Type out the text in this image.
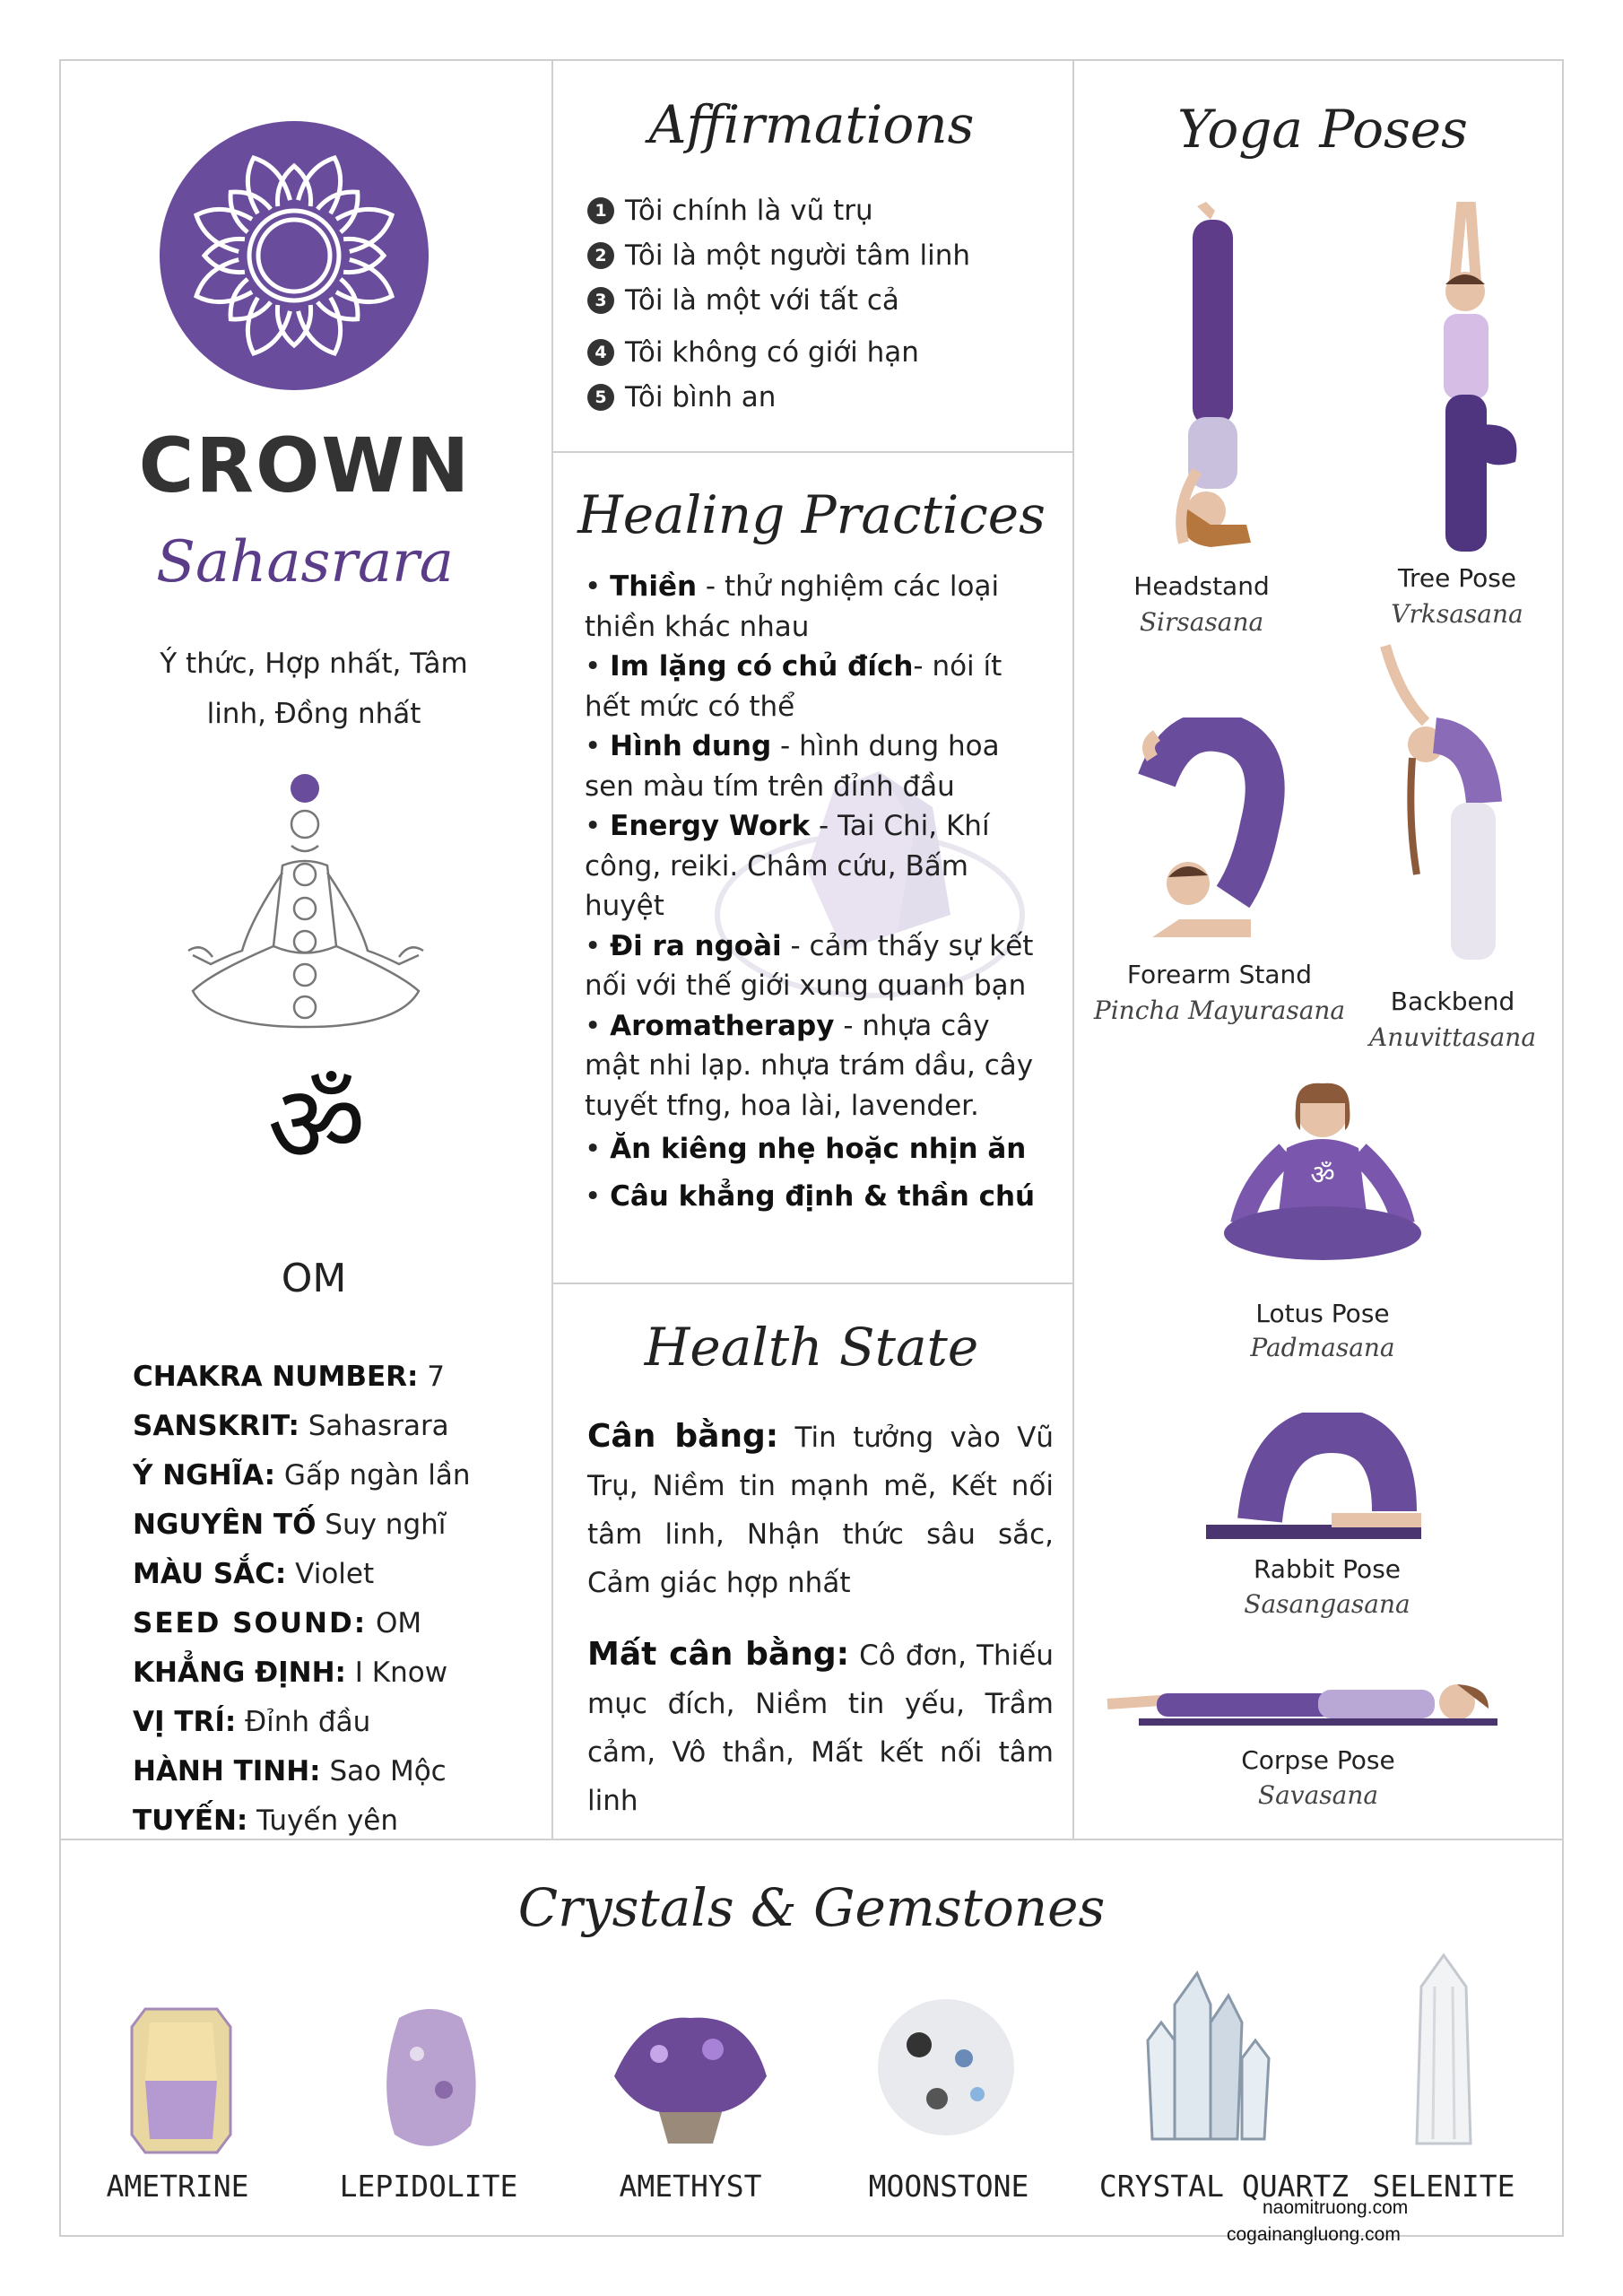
CROWN
Sahasrara
Ý thức, Hợp nhất, Tâm
linh, Đồng nhất
ॐ
OM
CHAKRA NUMBER: 7
SANSKRIT: Sahasrara
Ý NGHĨA: Gấp ngàn lần
NGUYÊN TỐ Suy nghĩ
MÀU SẮC: Violet
SEED SOUND: OM
KHẲNG ĐỊNH: I Know
VỊ TRÍ: Đỉnh đầu
HÀNH TINH: Sao Mộc
TUYẾN: Tuyến yên
Affirmations
1 Tôi chính là vũ trụ
2 Tôi là một người tâm linh
3 Tôi là một với tất cả
4 Tôi không có giới hạn
5 Tôi bình an
Healing Practices
• Thiền - thử nghiệm các loại thiền khác nhau
• Im lặng có chủ đích- nói ít hết mức có thể
• Hình dung - hình dung hoa sen màu tím trên đỉnh đầu
• Energy Work - Tai Chi, Khí công, reiki. Châm cứu, Bấm huyệt
• Đi ra ngoài - cảm thấy sự kết nối với thế giới xung quanh bạn
• Aromatherapy - nhựa cây mật nhi lạp. nhựa trám dầu, cây tuyết tfng, hoa lài, lavender.
• Ăn kiêng nhẹ hoặc nhịn ăn
• Câu khẳng định & thần chú
Health State
Cân bằng: Tin tưởng vào Vũ Trụ, Niềm tin mạnh mẽ, Kết nối tâm linh, Nhận thức sâu sắc, Cảm giác hợp nhất
Mất cân bằng: Cô đơn, Thiếu mục đích, Niềm tin yếu, Trầm cảm, Vô thần, Mất kết nối tâm linh
Yoga Poses
Headstand
Sirsasana
Tree Pose
Vrksasana
Forearm Stand
Pincha Mayurasana	Backbend
Anuvittasana
ॐ
Lotus Pose
Padmasana
Rabbit Pose
Sasangasana
Corpse Pose
Savasana
Crystals & Gemstones
AMETRINE	LEPIDOLITE	AMETHYST	MOONSTONE	CRYSTAL QUARTZ SELENITE
naomitruong.com
cogainangluong.com
